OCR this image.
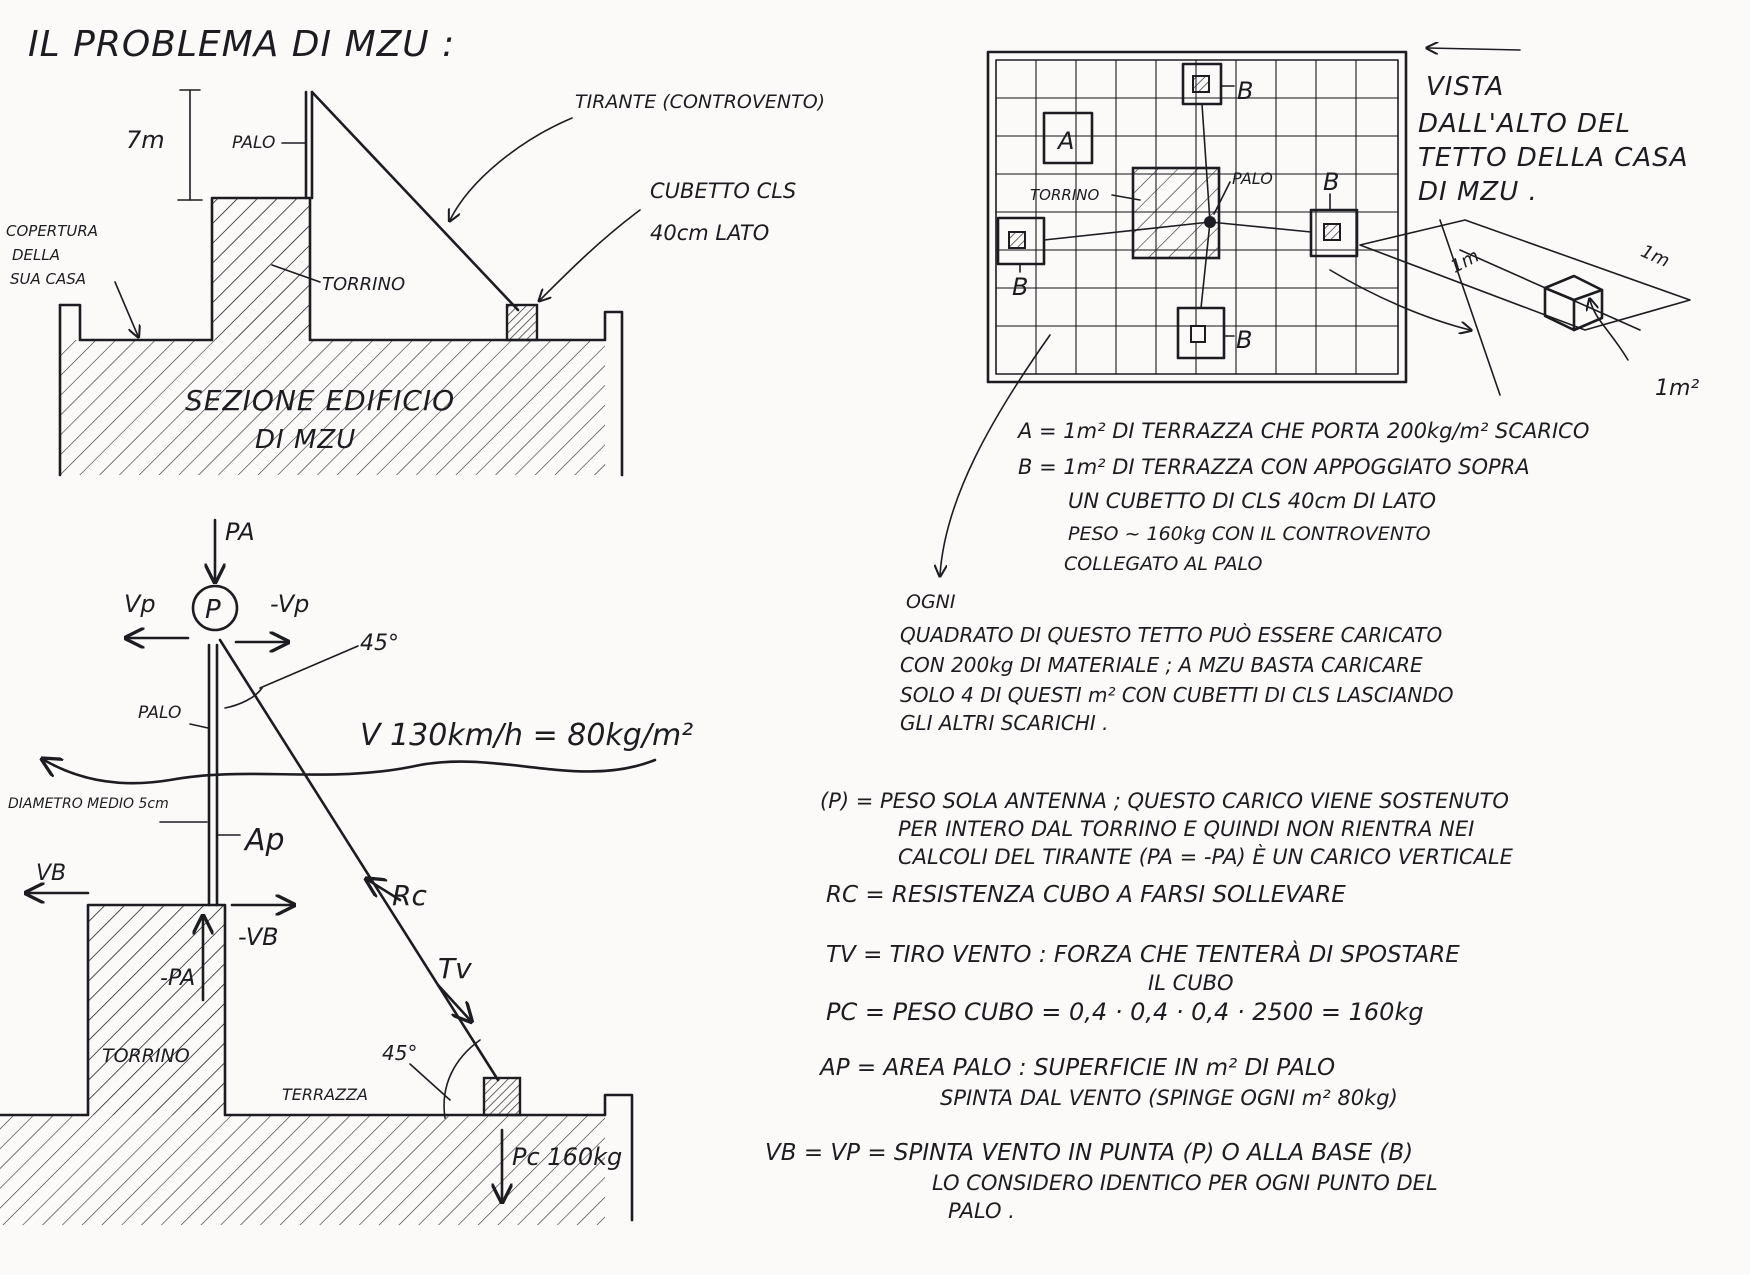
IL PROBLEMA DI MZU :
7m	PALO
TIRANTE (CONTROVENTO)
CUBETTO CLS
40cm LATO
COPERTURA
DELLA
SUA CASA	TORRINO
SEZIONE EDIFICIO
DI MZU
A
B
B
B
B
TORRINO
PALO
VISTA
DALL'ALTO DEL
TETTO DELLA CASA
DI MZU .
1m	1m
1m²
A = 1m² DI TERRAZZA CHE PORTA 200kg/m² SCARICO
B = 1m² DI TERRAZZA CON APPOGGIATO SOPRA
UN CUBETTO DI CLS 40cm DI LATO
PESO ~ 160kg CON IL CONTROVENTO
COLLEGATO AL PALO
OGNI
QUADRATO DI QUESTO TETTO PUÒ ESSERE CARICATO
CON 200kg DI MATERIALE ; A MZU BASTA CARICARE
SOLO 4 DI QUESTI m² CON CUBETTI DI CLS LASCIANDO
GLI ALTRI SCARICHI .
P
PA
Vp	-Vp
45°
PALO
V 130km/h = 80kg/m²
DIAMETRO MEDIO 5cm
Ap
VB
-VB
-PA
Rc
Tv
45°
Pc 160kg
TORRINO
TERRAZZA
(P) = PESO SOLA ANTENNA ; QUESTO CARICO VIENE SOSTENUTO
PER INTERO DAL TORRINO E QUINDI NON RIENTRA NEI
CALCOLI DEL TIRANTE (PA = -PA) È UN CARICO VERTICALE
RC = RESISTENZA CUBO A FARSI SOLLEVARE
TV = TIRO VENTO : FORZA CHE TENTERÀ DI SPOSTARE
IL CUBO
PC = PESO CUBO = 0,4 · 0,4 · 0,4 · 2500 = 160kg
AP = AREA PALO : SUPERFICIE IN m² DI PALO
SPINTA DAL VENTO (SPINGE OGNI m² 80kg)
VB = VP = SPINTA VENTO IN PUNTA (P) O ALLA BASE (B)
LO CONSIDERO IDENTICO PER OGNI PUNTO DEL
PALO .
